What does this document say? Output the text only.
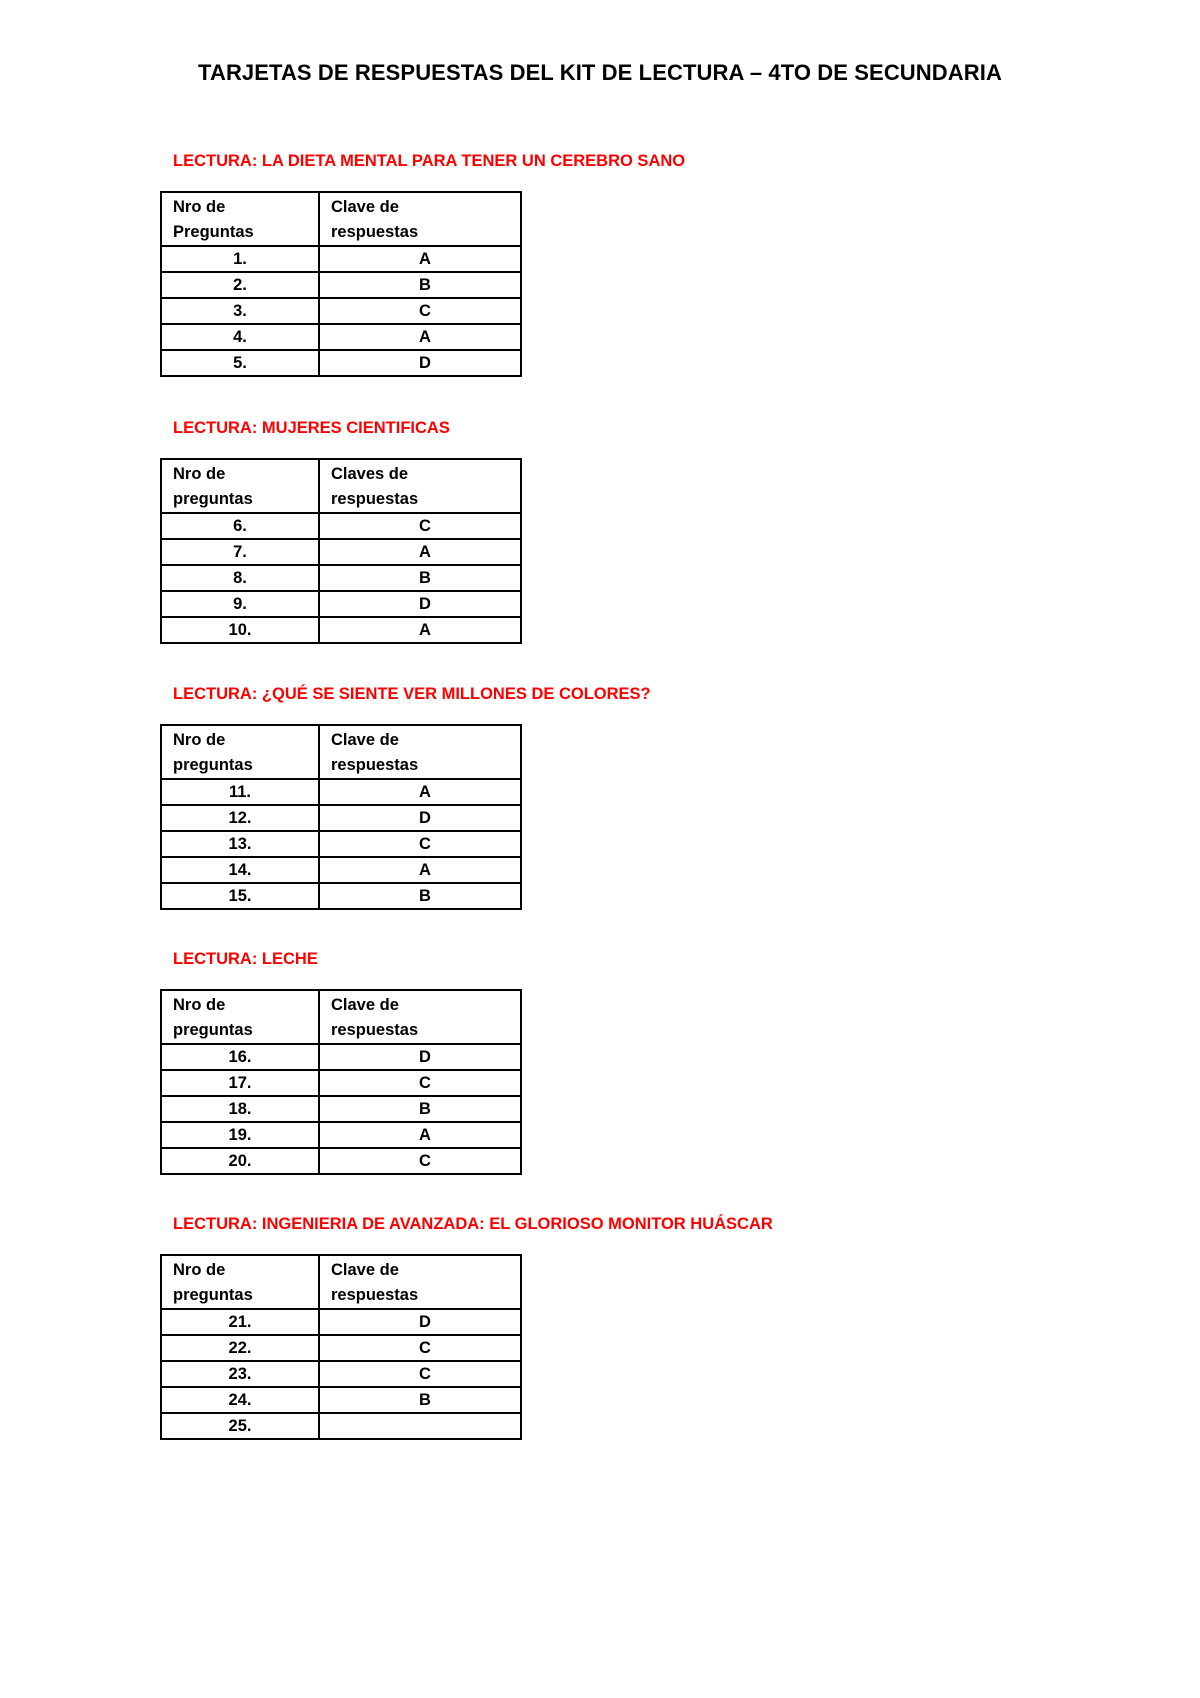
TARJETAS DE RESPUESTAS DEL KIT DE LECTURA – 4TO DE SECUNDARIA
LECTURA: LA DIETA MENTAL PARA TENER UN CEREBRO SANO
Nro de
Preguntas	Clave de
respuestas

1.	A
2.	B
3.	C
4.	A
5.	D
LECTURA: MUJERES CIENTIFICAS
Nro de
preguntas	Claves de
respuestas

6.	C
7.	A
8.	B
9.	D
10.	A
LECTURA: ¿QUÉ SE SIENTE VER MILLONES DE COLORES?
Nro de
preguntas	Clave de
respuestas

11.	A
12.	D
13.	C
14.	A
15.	B
LECTURA: LECHE
Nro de
preguntas	Clave de
respuestas

16.	D
17.	C
18.	B
19.	A
20.	C
LECTURA: INGENIERIA DE AVANZADA: EL GLORIOSO MONITOR HUÁSCAR
Nro de
preguntas	Clave de
respuestas

21.	D
22.	C
23.	C
24.	B
25.	
